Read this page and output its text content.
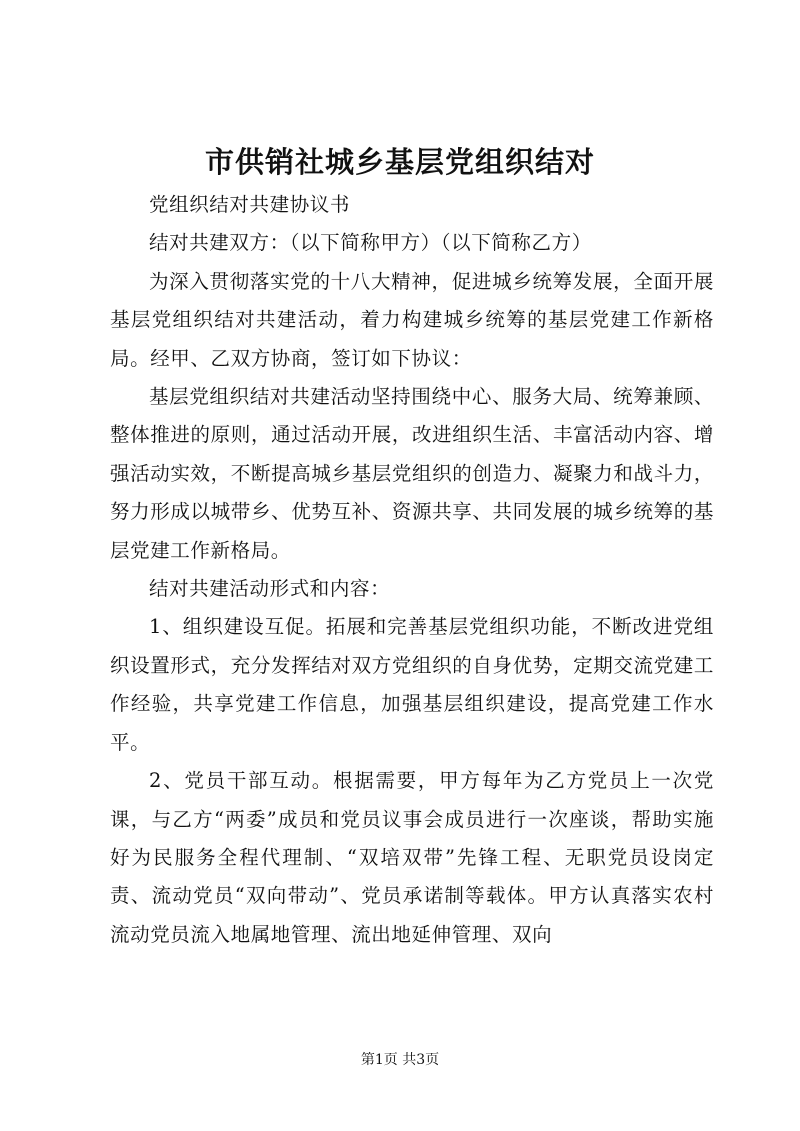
市供销社城乡基层党组织结对

党组织结对共建协议书

结对共建双方：（以下简称甲方）（以下简称乙方）

为深入贯彻落实党的十八大精神，促进城乡统筹发展，全面开展基层党组织结对共建活动，着力构建城乡统筹的基层党建工作新格局。经甲、乙双方协商，签订如下协议：

基层党组织结对共建活动坚持围绕中心、服务大局、统筹兼顾、整体推进的原则，通过活动开展，改进组织生活、丰富活动内容、增强活动实效，不断提高城乡基层党组织的创造力、凝聚力和战斗力，努力形成以城带乡、优势互补、资源共享、共同发展的城乡统筹的基层党建工作新格局。

结对共建活动形式和内容：

1、组织建设互促。拓展和完善基层党组织功能，不断改进党组织设置形式，充分发挥结对双方党组织的自身优势，定期交流党建工作经验，共享党建工作信息，加强基层组织建设，提高党建工作水平。

2、党员干部互动。根据需要，甲方每年为乙方党员上一次党课，与乙方“两委”成员和党员议事会成员进行一次座谈，帮助实施好为民服务全程代理制、“双培双带”先锋工程、无职党员设岗定责、流动党员“双向带动”、党员承诺制等载体。甲方认真落实农村流动党员流入地属地管理、流出地延伸管理、双向

第1页 共3页
